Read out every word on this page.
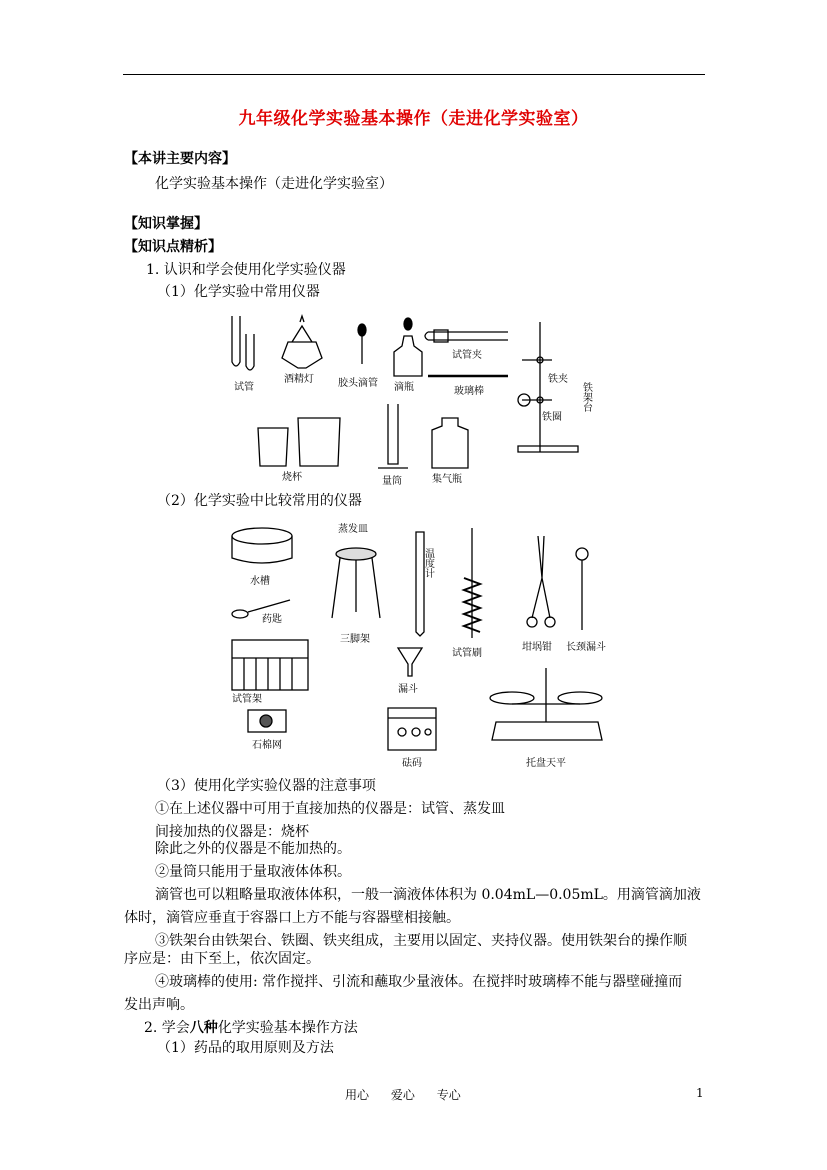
九年级化学实验基本操作（走进化学实验室）
【本讲主要内容】
化学实验基本操作（走进化学实验室）
【知识掌握】
【知识点精析】
1. 认识和学会使用化学实验仪器
（1）化学实验中常用仪器
试管
酒精灯 胶头滴管 滴瓶
试管夹
玻璃棒
铁夹
铁圈
铁架台
烧杯	量筒	集气瓶
（2）化学实验中比较常用的仪器
水槽
药匙
蒸发皿
三脚架
温度计
试管刷
坩埚钳 长颈漏斗
试管架
石棉网
漏斗
砝码	托盘天平
（3）使用化学实验仪器的注意事项
①在上述仪器中可用于直接加热的仪器是：试管、蒸发皿
间接加热的仪器是：烧杯
除此之外的仪器是不能加热的。
②量筒只能用于量取液体体积。
滴管也可以粗略量取液体体积，一般一滴液体体积为 0.04mL—0.05mL。用滴管滴加液
体时，滴管应垂直于容器口上方不能与容器壁相接触。
③铁架台由铁架台、铁圈、铁夹组成，主要用以固定、夹持仪器。使用铁架台的操作顺
序应是：由下至上，依次固定。
④玻璃棒的使用: 常作搅拌、引流和蘸取少量液体。在搅拌时玻璃棒不能与器壁碰撞而
发出声响。
2. 学会八种化学实验基本操作方法
（1）药品的取用原则及方法
用心 爱心 专心	1
